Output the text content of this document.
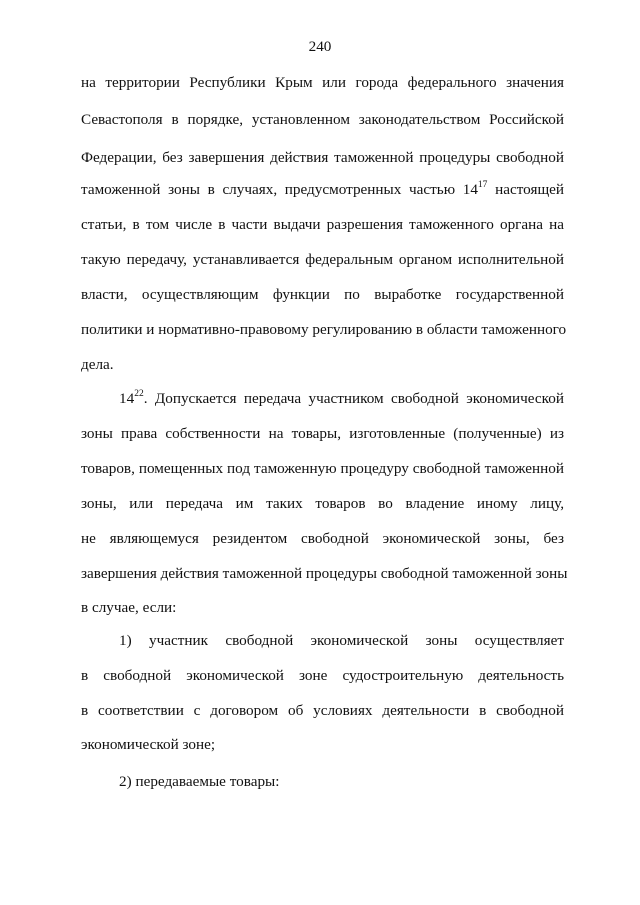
240
на территории Республики Крым или города федерального значения
Севастополя в порядке, установленном законодательством Российской
Федерации, без завершения действия таможенной процедуры свободной
таможенной зоны в случаях, предусмотренных частью $14^{17}$ настоящей
статьи, в том числе в части выдачи разрешения таможенного органа на
такую передачу, устанавливается федеральным органом исполнительной
власти, осуществляющим функции по выработке государственной
политики и нормативно-правовому регулированию в области таможенного
дела.
$14^{22}$. Допускается передача участником свободной экономической
зоны права собственности на товары, изготовленные (полученные) из
товаров, помещенных под таможенную процедуру свободной таможенной
зоны, или передача им таких товаров во владение иному лицу,
не являющемуся резидентом свободной экономической зоны, без
завершения действия таможенной процедуры свободной таможенной зоны
в случае, если:
1) участник свободной экономической зоны осуществляет
в свободной экономической зоне судостроительную деятельность
в соответствии с договором об условиях деятельности в свободной
экономической зоне;
2) передаваемые товары:
